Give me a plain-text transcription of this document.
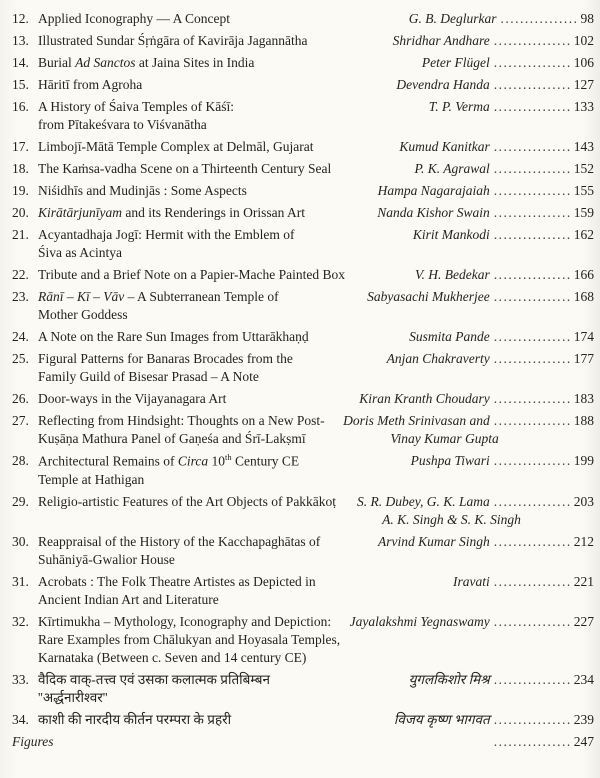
12. Applied Iconography — A Concept	G. B. Deglurkar ................ 98
13. Illustrated Sundar Śṛṅgāra of Kavirāja Jagannātha	Shridhar Andhare ................ 102
14. Burial Ad Sanctos at Jaina Sites in India	Peter Flügel ................ 106
15. Hāritī from Agroha	Devendra Handa ................ 127
16. A History of Śaiva Temples of Kāśī:
from Pītakeśvara to Viśvanātha
T. P. Verma ................ 133
17. Limbojī-Mātā Temple Complex at Delmāl, Gujarat	Kumud Kanitkar ................ 143
18. The Kaṁsa-vadha Scene on a Thirteenth Century Seal	P. K. Agrawal ................ 152
19. Niśidhīs and Mudinjās : Some Aspects	Hampa Nagarajaiah ................ 155
20. Kirātārjunīyam and its Renderings in Orissan Art	Nanda Kishor Swain ................ 159
21. Acyantadhaja Jogī: Hermit with the Emblem of
Śiva as Acintya
Kirit Mankodi ................ 162
22. Tribute and a Brief Note on a Papier-Mache Painted Box	V. H. Bedekar ................ 166
23. Rānī – Kī – Vāv – A Subterranean Temple of
Mother Goddess
Sabyasachi Mukherjee ................ 168
24. A Note on the Rare Sun Images from Uttarākhaṇḍ	Susmita Pande ................ 174
25. Figural Patterns for Banaras Brocades from the
Family Guild of Bisesar Prasad – A Note
Anjan Chakraverty ................ 177
26. Door-ways in the Vijayanagara Art	Kiran Kranth Choudary ................ 183
27. Reflecting from Hindsight: Thoughts on a New Post-
Kuṣāṇa Mathura Panel of Gaṇeśa and Śrī-Lakṣmī
Doris Meth Srinivasan and ................ 188
Vinay Kumar Gupta
28. Architectural Remains of Circa 10th Century CE
Temple at Hathigan
Pushpa Tiwari ................ 199
29. Religio-artistic Features of the Art Objects of Pakkākoṭ	S. R. Dubey, G. K. Lama ................ 203
A. K. Singh & S. K. Singh
30. Reappraisal of the History of the Kacchapaghātas of
Suhāniyā-Gwalior House
Arvind Kumar Singh ................ 212
31. Acrobats : The Folk Theatre Artistes as Depicted in
Ancient Indian Art and Literature
Iravati ................ 221
32. Kīrtimukha – Mythology, Iconography and Depiction:
Rare Examples from Chālukyan and Hoyasala Temples,
Karnataka (Between c. Seven and 14 century CE)
Jayalakshmi Yegnaswamy ................ 227
33. वैदिक वाक्-तत्त्व एवं उसका कलात्मक प्रतिबिम्बन
''अर्द्धनारीश्वर''
युगलकिशोर मिश्र ................ 234
34. काशी की नारदीय कीर्तन परम्परा के प्रहरी	विजय कृष्ण भागवत ................ 239
Figures	................ 247
